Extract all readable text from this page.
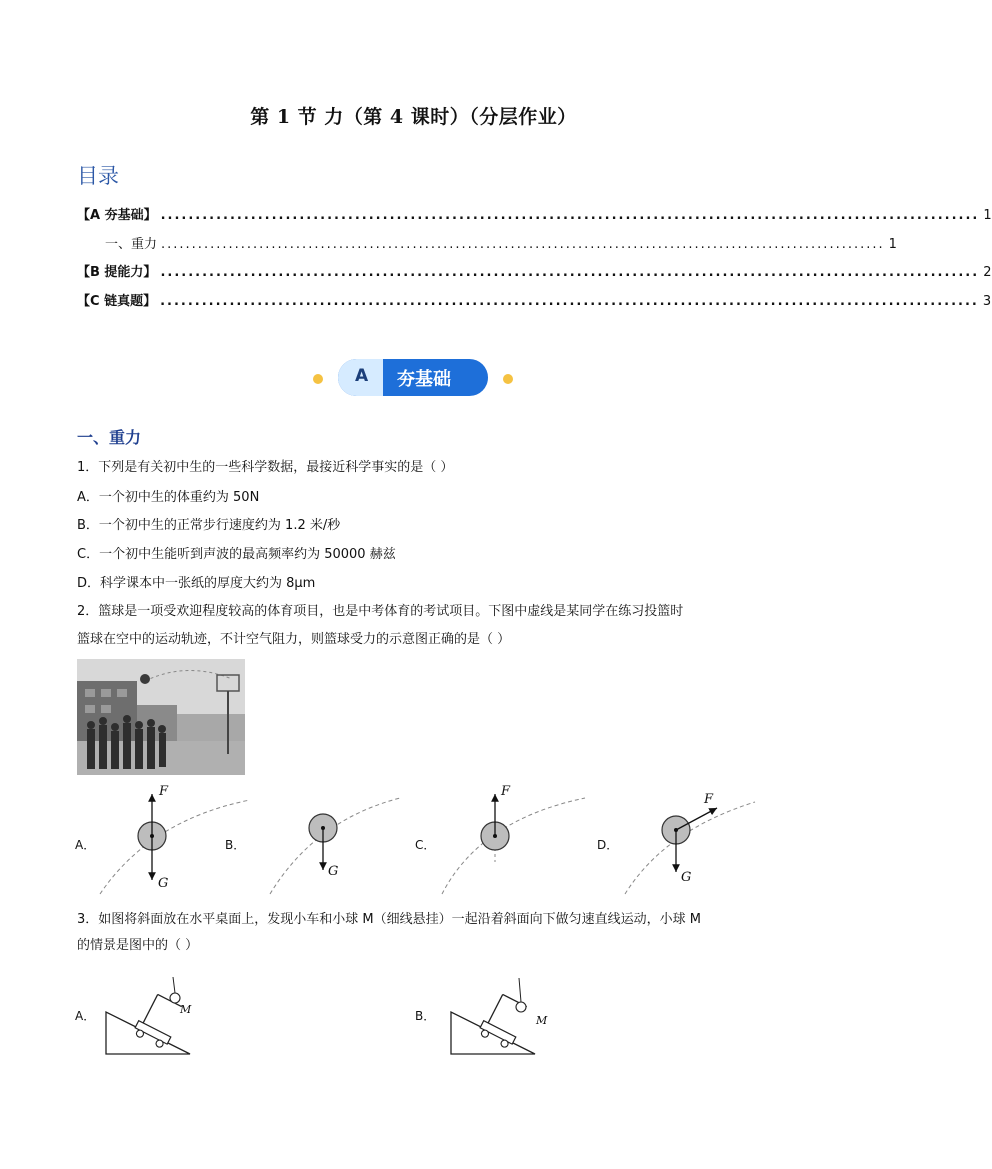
第 1 节 力（第 4 课时）（分层作业）
目录
【A 夯基础】 ...................................................................................................................... 1
一、重力 ...................................................................................................................... 1
【B 提能力】 ...................................................................................................................... 2
【C 链真题】 ...................................................................................................................... 3
A 夯基础
一、重力
1．下列是有关初中生的一些科学数据，最接近科学事实的是（ ）
A．一个初中生的体重约为 50N
B．一个初中生的正常步行速度约为 1.2 米/秒
C．一个初中生能听到声波的最高频率约为 50000 赫兹
D．科学课本中一张纸的厚度大约为 8μm
2．篮球是一项受欢迎程度较高的体育项目，也是中考体育的考试项目。下图中虚线是某同学在练习投篮时
篮球在空中的运动轨迹，不计空气阻力，则篮球受力的示意图正确的是（ ）
A．	B．	C．	D．
F
G
G
F
F
G
3．如图将斜面放在水平桌面上，发现小车和小球 M（细线悬挂）一起沿着斜面向下做匀速直线运动，小球 M
的情景是图中的（ ）
A．	B．
M
M
